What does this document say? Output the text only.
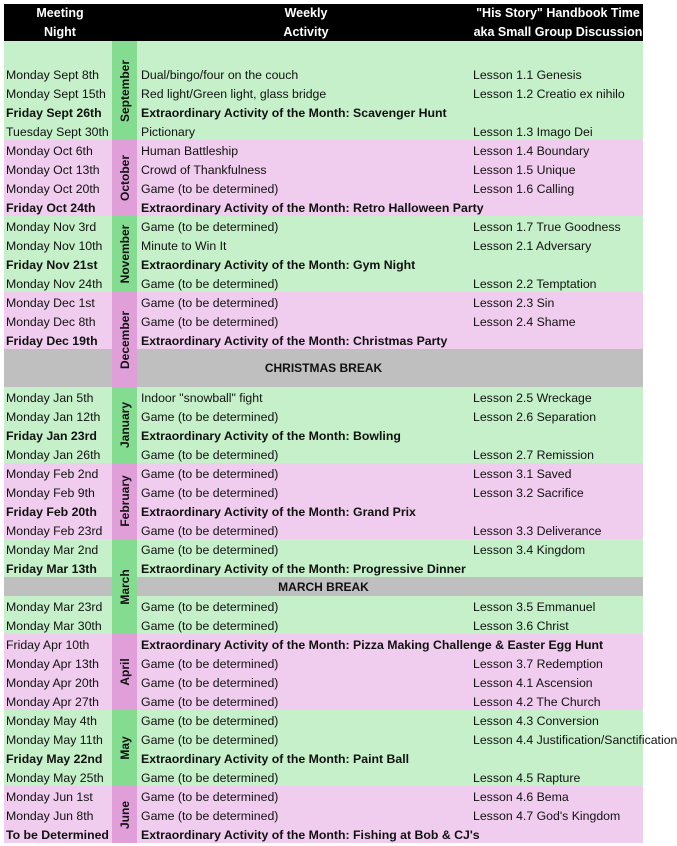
Meeting
Night
Weekly
Activity
"His Story" Handbook Time
aka Small Group Discussion
Monday Sept 8th	Dual/bingo/four on the couch	Lesson 1.1 Genesis
Monday Sept 15th	Red light/Green light, glass bridge	Lesson 1.2 Creatio ex nihilo
Friday Sept 26th	Extraordinary Activity of the Month: Scavenger Hunt
Tuesday Sept 30th	Pictionary	Lesson 1.3 Imago Dei
Monday Oct 6th	Human Battleship	Lesson 1.4 Boundary
Monday Oct 13th	Crowd of Thankfulness	Lesson 1.5 Unique
Monday Oct 20th	Game (to be determined)	Lesson 1.6 Calling
Friday Oct 24th	Extraordinary Activity of the Month: Retro Halloween Party
Monday Nov 3rd	Game (to be determined)	Lesson 1.7 True Goodness
Monday Nov 10th	Minute to Win It	Lesson 2.1 Adversary
Friday Nov 21st	Extraordinary Activity of the Month: Gym Night
Monday Nov 24th	Game (to be determined)	Lesson 2.2 Temptation
Monday Dec 1st	Game (to be determined)	Lesson 2.3 Sin
Monday Dec 8th	Game (to be determined)	Lesson 2.4 Shame
Friday Dec 19th	Extraordinary Activity of the Month: Christmas Party
Monday Jan 5th	Indoor "snowball" fight	Lesson 2.5 Wreckage
Monday Jan 12th	Game (to be determined)	Lesson 2.6 Separation
Friday Jan 23rd	Extraordinary Activity of the Month: Bowling
Monday Jan 26th	Game (to be determined)	Lesson 2.7 Remission
Monday Feb 2nd	Game (to be determined)	Lesson 3.1 Saved
Monday Feb 9th	Game (to be determined)	Lesson 3.2 Sacrifice
Friday Feb 20th	Extraordinary Activity of the Month: Grand Prix
Monday Feb 23rd	Game (to be determined)	Lesson 3.3 Deliverance
Monday Mar 2nd	Game (to be determined)	Lesson 3.4 Kingdom
Friday Mar 13th	Extraordinary Activity of the Month: Progressive Dinner
Monday Mar 23rd	Game (to be determined)	Lesson 3.5 Emmanuel
Monday Mar 30th	Game (to be determined)	Lesson 3.6 Christ
Friday Apr 10th	Extraordinary Activity of the Month: Pizza Making Challenge & Easter Egg Hunt
Monday Apr 13th	Game (to be determined)	Lesson 3.7 Redemption
Monday Apr 20th	Game (to be determined)	Lesson 4.1 Ascension
Monday Apr 27th	Game (to be determined)	Lesson 4.2 The Church
Monday May 4th	Game (to be determined)	Lesson 4.3 Conversion
Monday May 11th	Game (to be determined)	Lesson 4.4 Justification/Sanctification
Friday May 22nd	Extraordinary Activity of the Month: Paint Ball
Monday May 25th	Game (to be determined)	Lesson 4.5 Rapture
Monday Jun 1st	Game (to be determined)	Lesson 4.6 Bema
Monday Jun 8th	Game (to be determined)	Lesson 4.7 God's Kingdom
To be Determined	Extraordinary Activity of the Month: Fishing at Bob & CJ's
CHRISTMAS BREAK
MARCH BREAK
September
October
November
December
January
February
March
April
May
June
